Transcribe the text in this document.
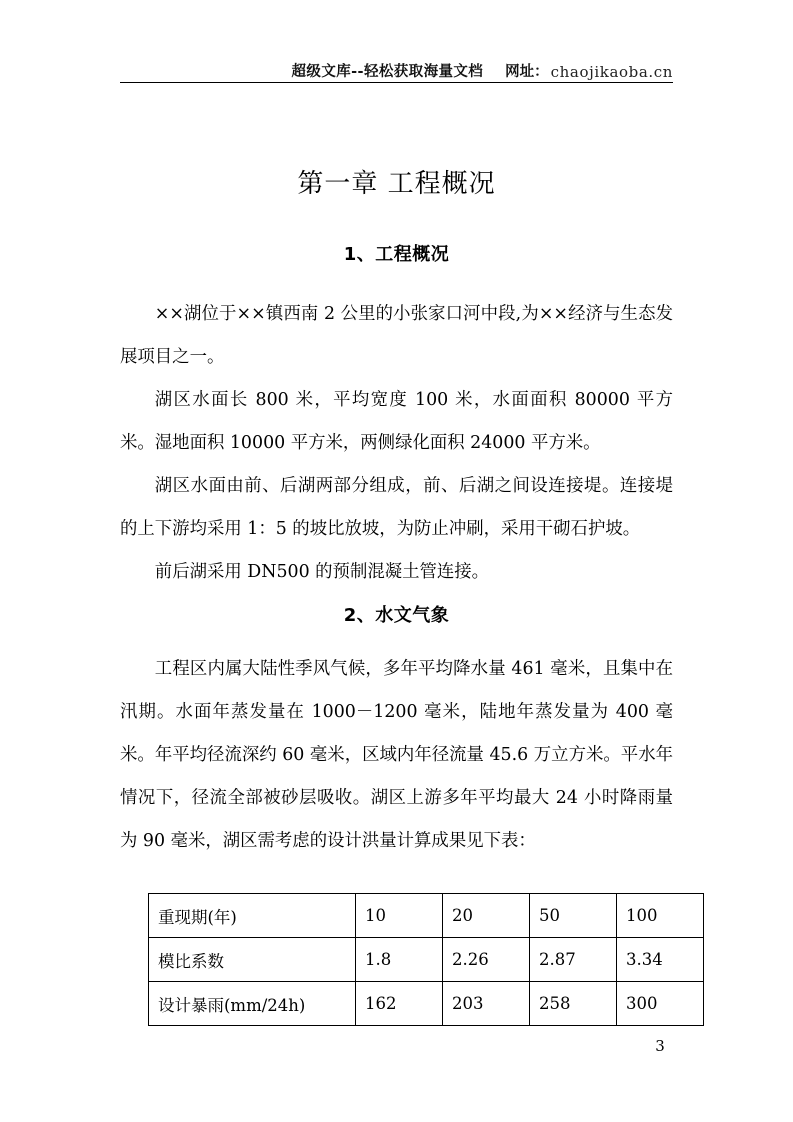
超级文库--轻松获取海量文档 网址： chaojikaoba.cn
第一章 工程概况
1、工程概况

××湖位于××镇西南 2 公里的小张家口河中段,为××经济与生态发展项目之一。

湖区水面长 800 米，平均宽度 100 米，水面面积 80000 平方米。湿地面积 10000 平方米，两侧绿化面积 24000 平方米。

湖区水面由前、后湖两部分组成，前、后湖之间设连接堤。连接堤的上下游均采用 1：5 的坡比放坡，为防止冲刷，采用干砌石护坡。

前后湖采用 DN500 的预制混凝土管连接。

2、水文气象

工程区内属大陆性季风气候，多年平均降水量 461 毫米，且集中在汛期。水面年蒸发量在 1000－1200 毫米，陆地年蒸发量为 400 毫米。年平均径流深约 60 毫米，区域内年径流量 45.6 万立方米。平水年情况下，径流全部被砂层吸收。湖区上游多年平均最大 24 小时降雨量为 90 毫米，湖区需考虑的设计洪量计算成果见下表：

重现期(年)	10	20	50	100
模比系数	1.8	2.26	2.87	3.34
设计暴雨(mm/24h)	162	203	258	300
3
